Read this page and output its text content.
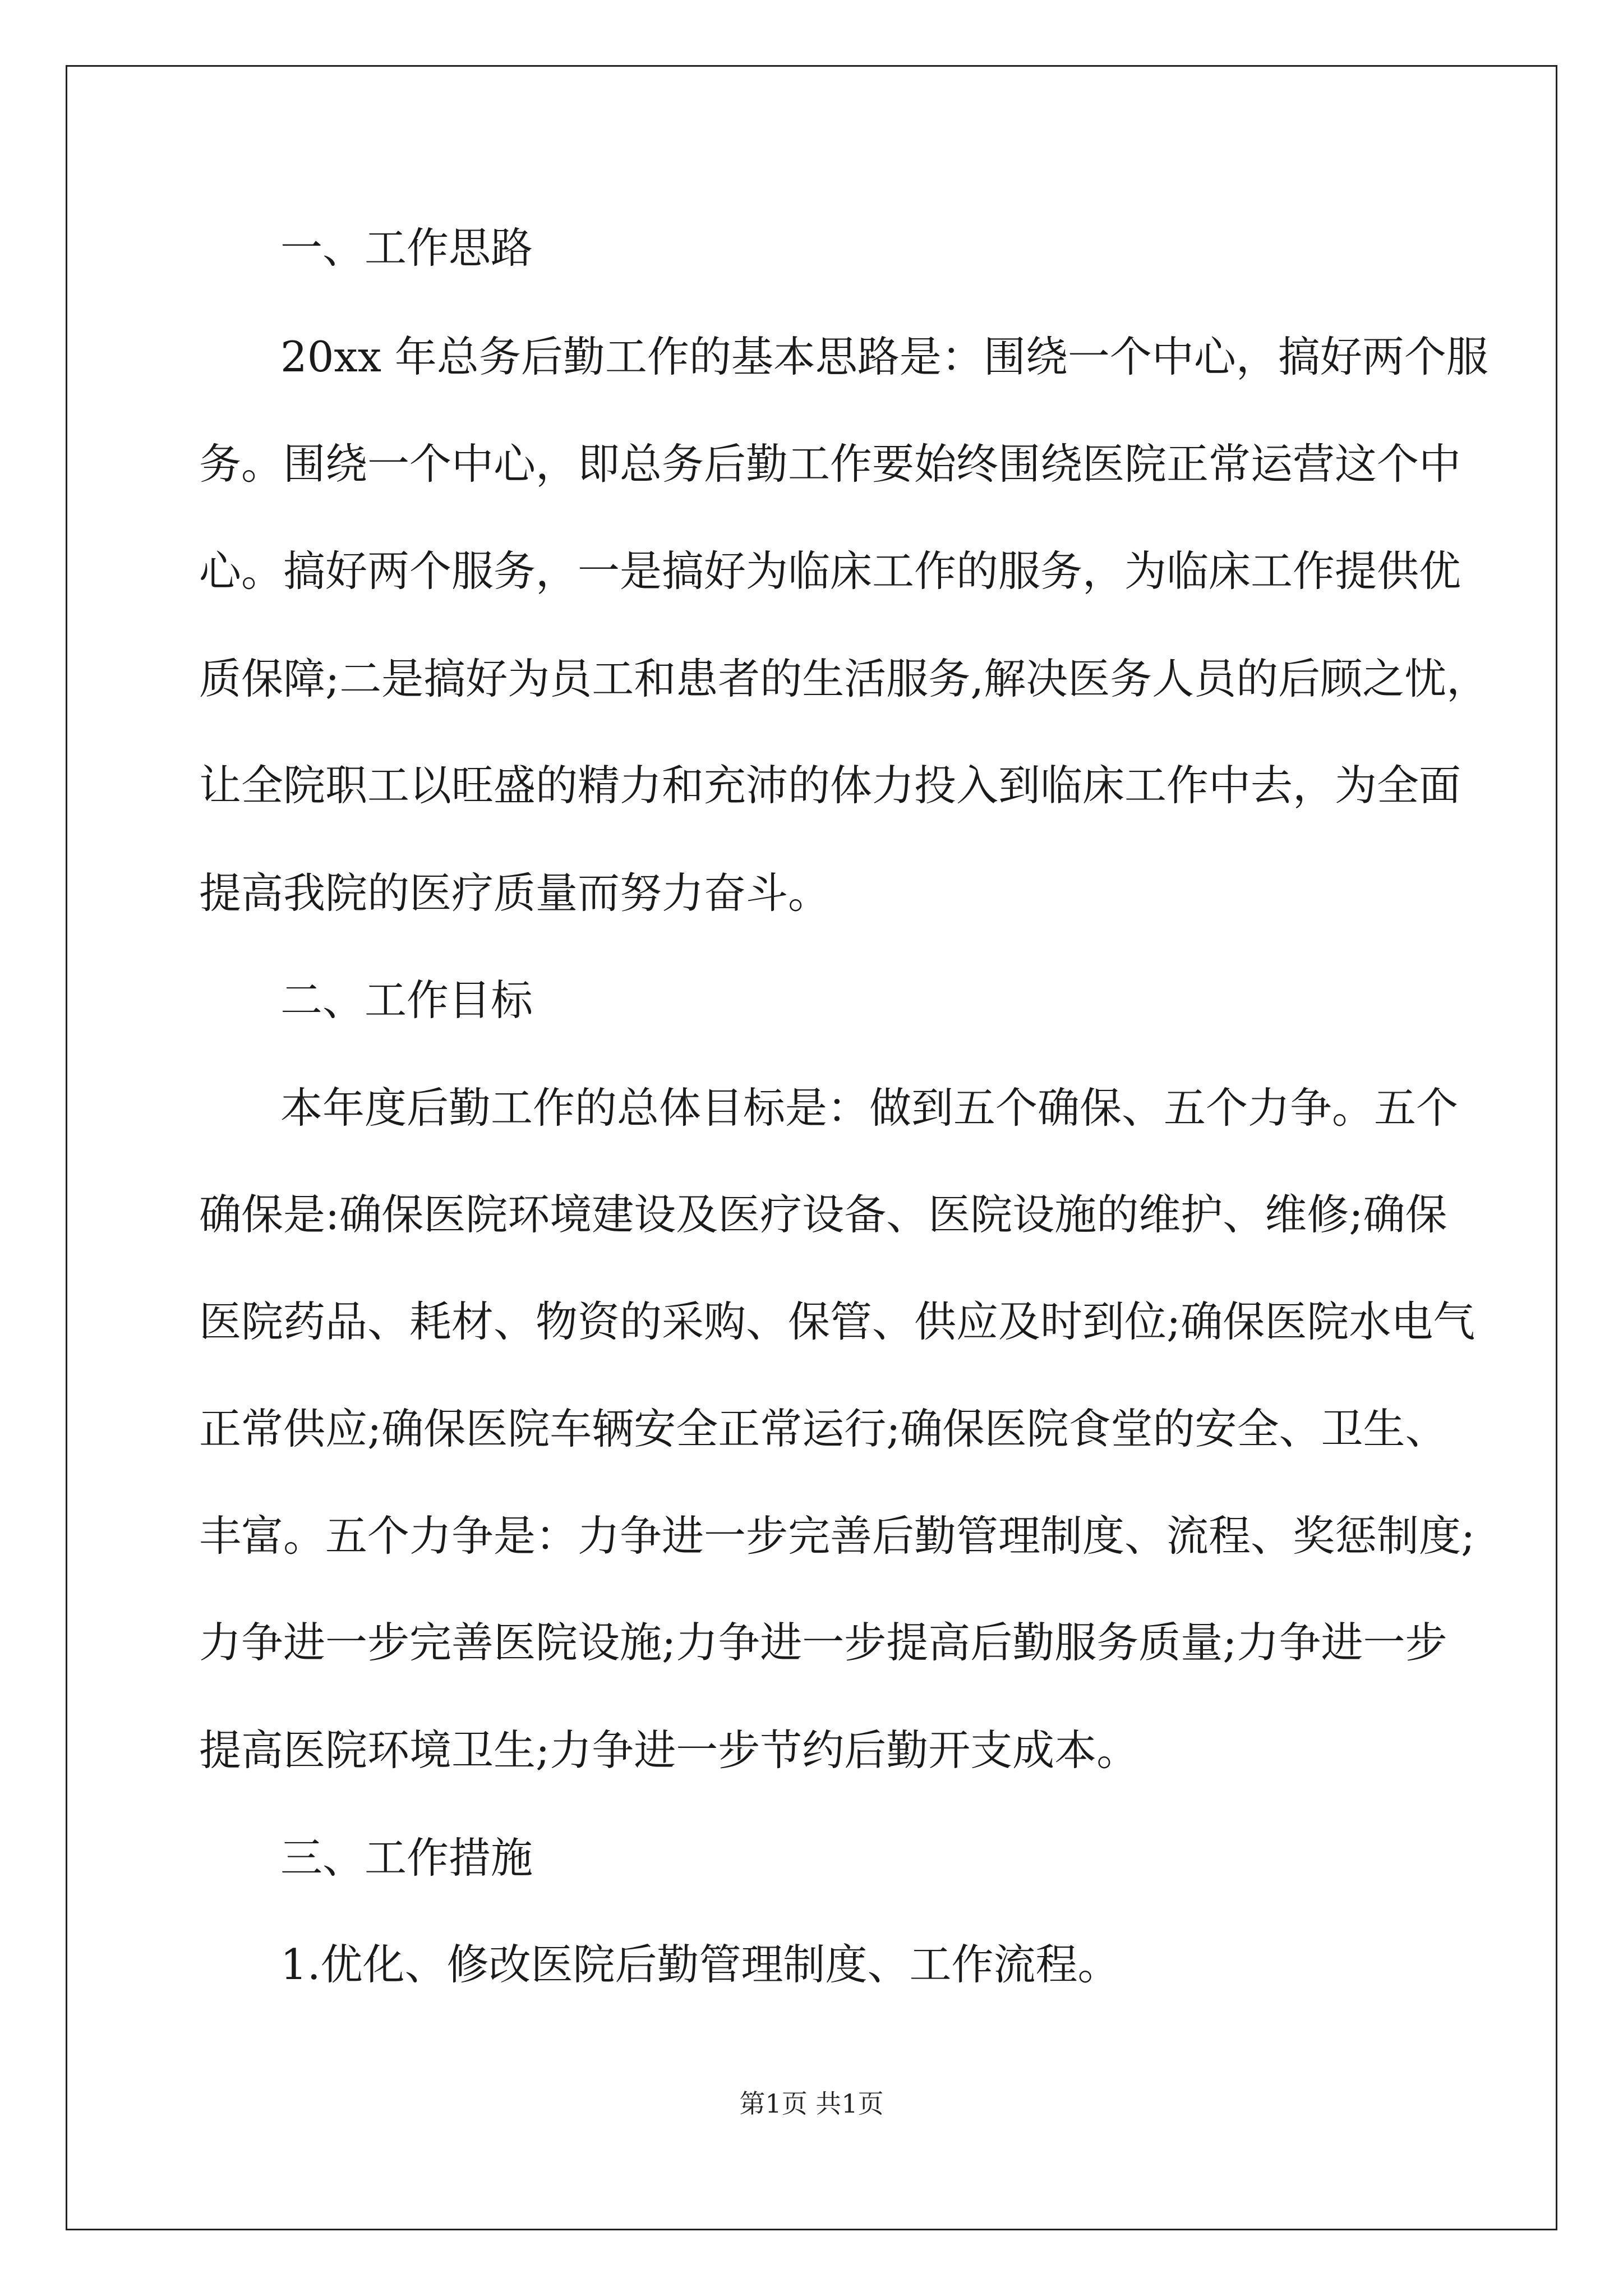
一、工作思路
20xx 年总务后勤工作的基本思路是：围绕一个中心，搞好两个服
务。围绕一个中心，即总务后勤工作要始终围绕医院正常运营这个中
心。搞好两个服务，一是搞好为临床工作的服务，为临床工作提供优
质保障;二是搞好为员工和患者的生活服务,解决医务人员的后顾之忧，
让全院职工以旺盛的精力和充沛的体力投入到临床工作中去，为全面
提高我院的医疗质量而努力奋斗。
二、工作目标
本年度后勤工作的总体目标是：做到五个确保、五个力争。五个
确保是:确保医院环境建设及医疗设备、医院设施的维护、维修;确保
医院药品、耗材、物资的采购、保管、供应及时到位;确保医院水电气
正常供应;确保医院车辆安全正常运行;确保医院食堂的安全、卫生、
丰富。五个力争是：力争进一步完善后勤管理制度、流程、奖惩制度;
力争进一步完善医院设施;力争进一步提高后勤服务质量;力争进一步
提高医院环境卫生;力争进一步节约后勤开支成本。
三、工作措施
1.优化、修改医院后勤管理制度、工作流程。
第1页 共1页
